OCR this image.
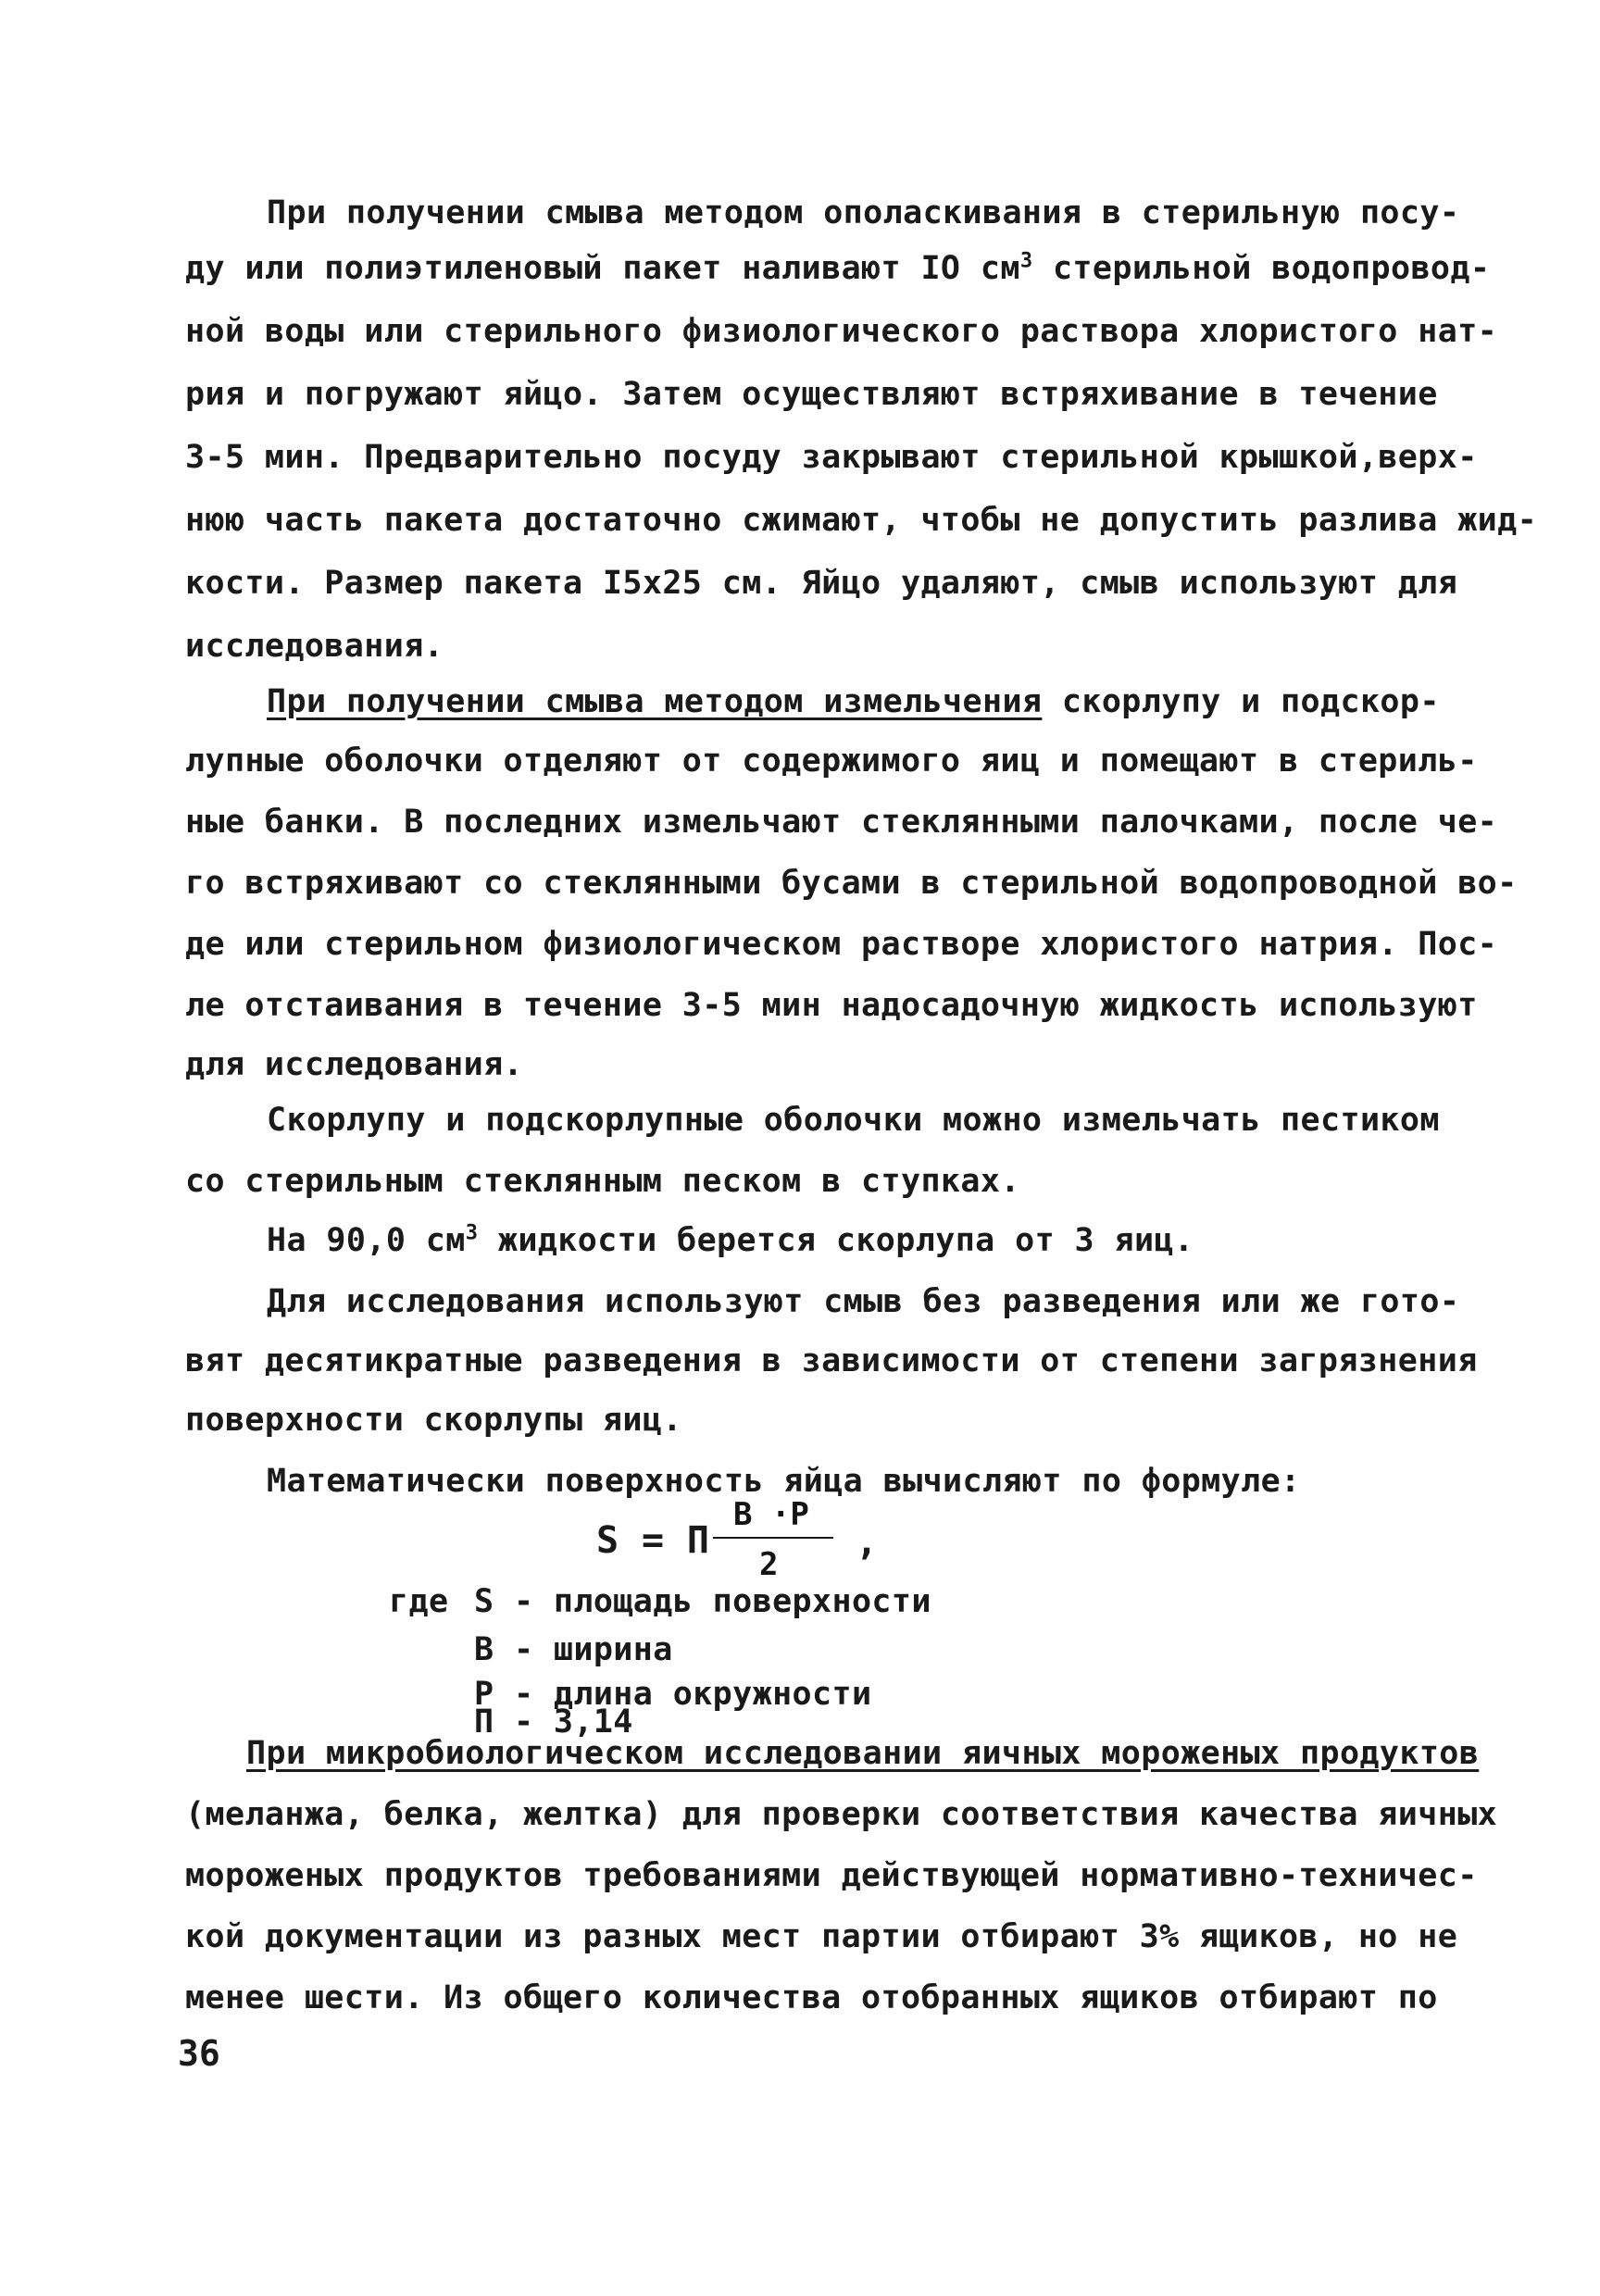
При получении смыва методом ополаскивания в стерильную посу-
ду или полиэтиленовый пакет наливают IO $см^3$ стерильной водопровод-
ной воды или стерильного физиологического раствора хлористого нат-
рия и погружают яйцо. Затем осуществляют встряхивание в течение
3-5 мин. Предварительно посуду закрывают стерильной крышкой,верх-
нюю часть пакета достаточно сжимают, чтобы не допустить разлива жид-
кости. Размер пакета I5x25 см. Яйцо удаляют, смыв используют для
исследования.
При получении смыва методом измельчения скорлупу и подскор-
лупные оболочки отделяют от содержимого яиц и помещают в стериль-
ные банки. В последних измельчают стеклянными палочками, после че-
го встряхивают со стеклянными бусами в стерильной водопроводной во-
де или стерильном физиологическом растворе хлористого натрия. Пос-
ле отстаивания в течение 3-5 мин надосадочную жидкость используют
для исследования.
Скорлупу и подскорлупные оболочки можно измельчать пестиком
со стерильным стеклянным песком в ступках.
На 90,0 $см^3$ жидкости берется скорлупа от 3 яиц.
Для исследования используют смыв без разведения или же гото-
вят десятикратные разведения в зависимости от степени загрязнения
поверхности скорлупы яиц.
Математически поверхность яйца вычисляют по формуле:
S = П
B ·P
2
,
где S - площадь поверхности
B - ширина
P - длина окружности
П - 3,14
При микробиологическом исследовании яичных мороженых продуктов
(меланжа, белка, желтка) для проверки соответствия качества яичных
мороженых продуктов требованиями действующей нормативно-техничес-
кой документации из разных мест партии отбирают 3% ящиков, но не
менее шести. Из общего количества отобранных ящиков отбирают по
36
